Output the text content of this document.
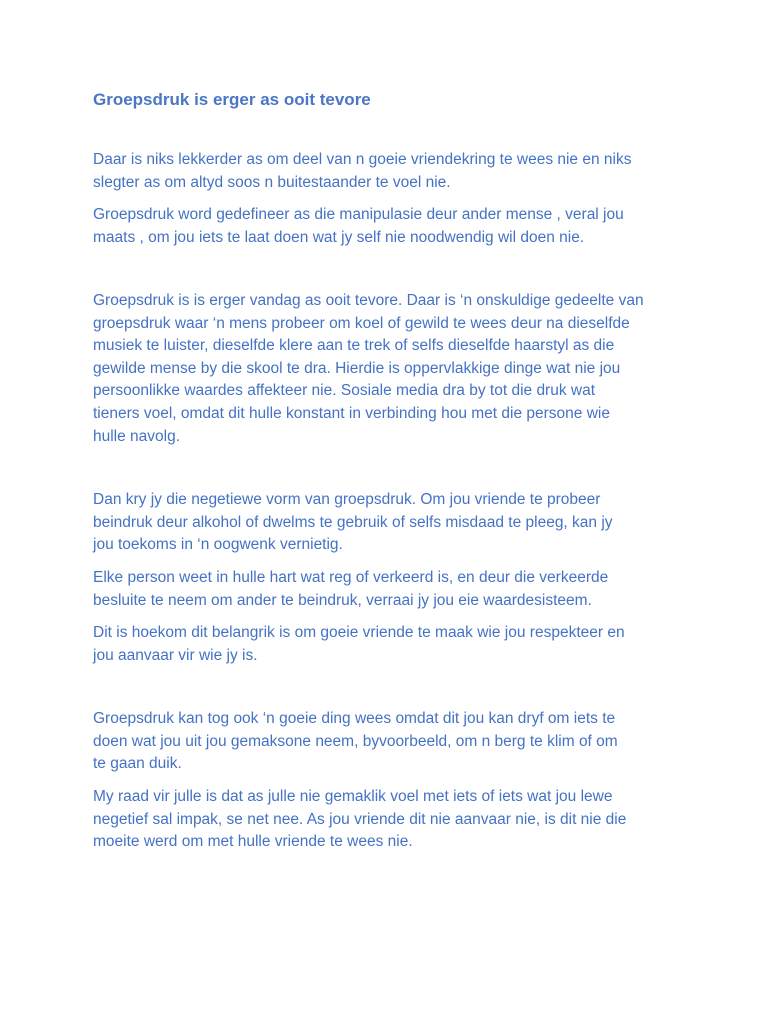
Groepsdruk is erger as ooit tevore

Daar is niks lekkerder as om deel van n goeie vriendekring te wees nie en niks
slegter as om altyd soos n buitestaander te voel nie.

Groepsdruk word gedefineer as die manipulasie deur ander mense , veral jou
maats , om jou iets te laat doen wat jy self nie noodwendig wil doen nie.

Groepsdruk is is erger vandag as ooit tevore. Daar is ‘n onskuldige gedeelte van
groepsdruk waar ‘n mens probeer om koel of gewild te wees deur na dieselfde
musiek te luister, dieselfde klere aan te trek of selfs dieselfde haarstyl as die
gewilde mense by die skool te dra. Hierdie is oppervlakkige dinge wat nie jou
persoonlikke waardes affekteer nie. Sosiale media dra by tot die druk wat
tieners voel, omdat dit hulle konstant in verbinding hou met die persone wie
hulle navolg.

Dan kry jy die negetiewe vorm van groepsdruk. Om jou vriende te probeer
beindruk deur alkohol of dwelms te gebruik of selfs misdaad te pleeg, kan jy
jou toekoms in ‘n oogwenk vernietig.

Elke person weet in hulle hart wat reg of verkeerd is, en deur die verkeerde
besluite te neem om ander te beindruk, verraai jy jou eie waardesisteem.

Dit is hoekom dit belangrik is om goeie vriende te maak wie jou respekteer en
jou aanvaar vir wie jy is.

Groepsdruk kan tog ook ‘n goeie ding wees omdat dit jou kan dryf om iets te
doen wat jou uit jou gemaksone neem, byvoorbeeld, om n berg te klim of om
te gaan duik.

My raad vir julle is dat as julle nie gemaklik voel met iets of iets wat jou lewe
negetief sal impak, se net nee. As jou vriende dit nie aanvaar nie, is dit nie die
moeite werd om met hulle vriende te wees nie.
